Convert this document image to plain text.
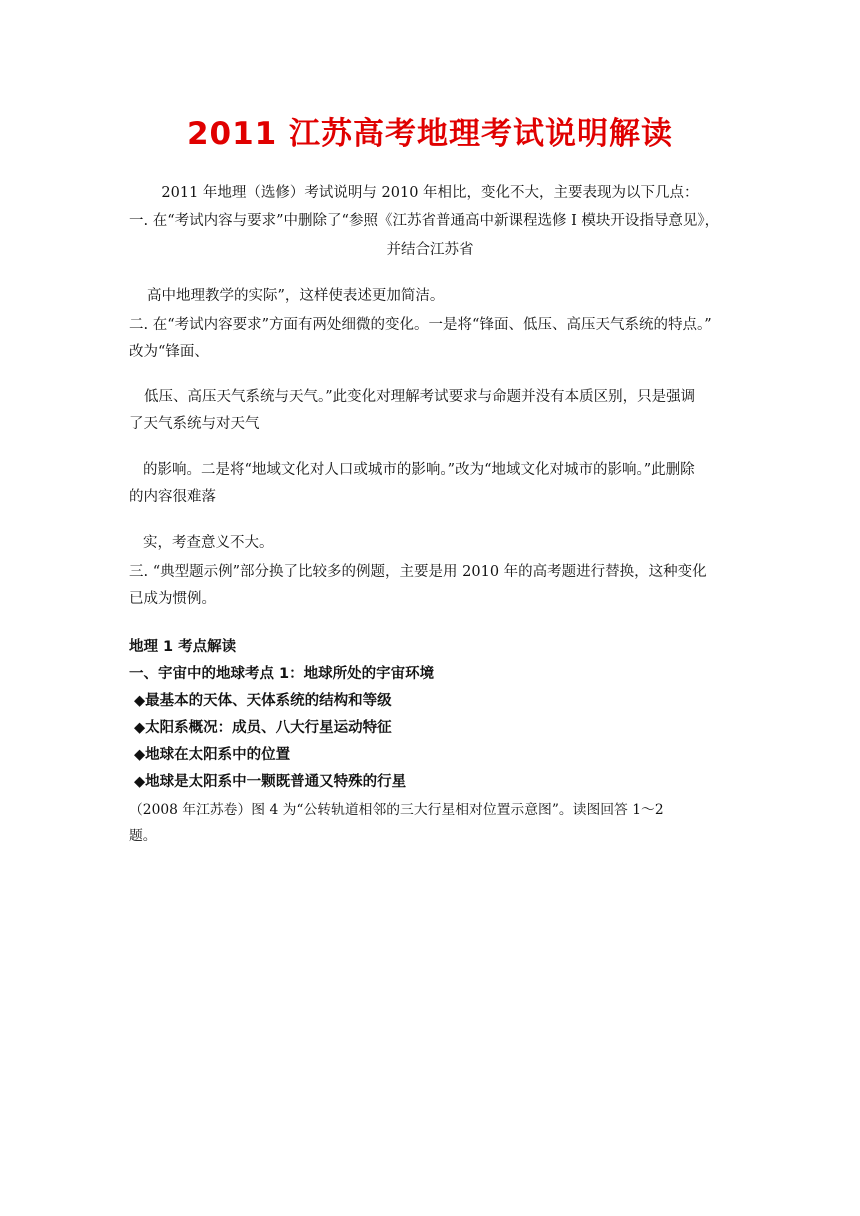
2011 江苏高考地理考试说明解读
2011 年地理（选修）考试说明与 2010 年相比，变化不大，主要表现为以下几点：
一. 在“考试内容与要求”中删除了“参照《江苏省普通高中新课程选修 I 模块开设指导意见》，
并结合江苏省
高中地理教学的实际”，这样使表述更加简洁。
二. 在“考试内容要求”方面有两处细微的变化。一是将“锋面、低压、高压天气系统的特点。”
改为“锋面、
低压、高压天气系统与天气。”此变化对理解考试要求与命题并没有本质区别，只是强调
了天气系统与对天气
的影响。二是将“地域文化对人口或城市的影响。”改为“地域文化对城市的影响。”此删除
的内容很难落
实，考查意义不大。
三. “典型题示例”部分换了比较多的例题，主要是用 2010 年的高考题进行替换，这种变化
已成为惯例。
地理 1 考点解读
一、宇宙中的地球考点 1：地球所处的宇宙环境
◆最基本的天体、天体系统的结构和等级
◆太阳系概况：成员、八大行星运动特征
◆地球在太阳系中的位置
◆地球是太阳系中一颗既普通又特殊的行星
（2008 年江苏卷）图 4 为“公转轨道相邻的三大行星相对位置示意图”。读图回答 1～2
题。
